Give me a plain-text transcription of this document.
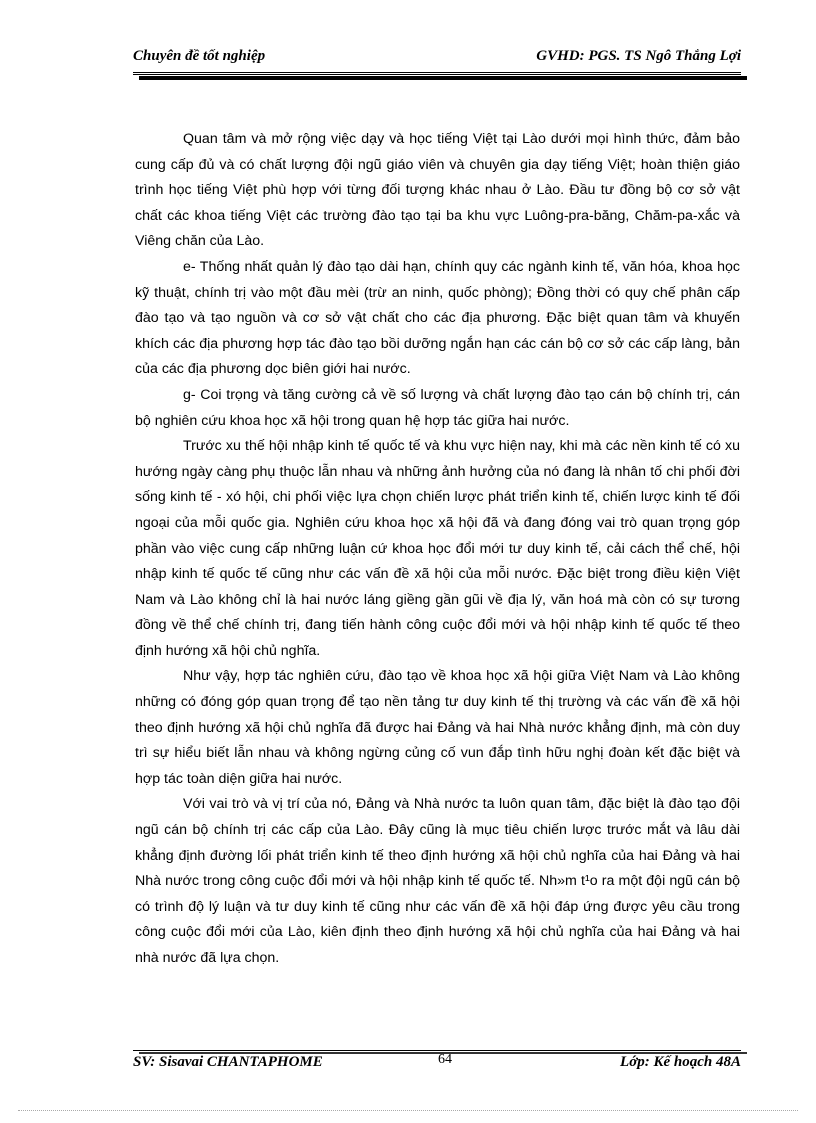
Chuyên đề tốt nghiệp	GVHD: PGS. TS Ngô Thắng Lợi

Quan tâm và mở rộng việc dạy và học tiếng Việt tại Lào dưới mọi hình thức, đảm bảo cung cấp đủ và có chất lượng đội ngũ giáo viên và chuyên gia dạy tiếng Việt; hoàn thiện giáo trình học tiếng Việt phù hợp với từng đối tượng khác nhau ở Lào. Đầu tư đồng bộ cơ sở vật chất các khoa tiếng Việt các trường đào tạo tại ba khu vực Luông-pra-băng, Chăm-pa-xắc và Viêng chăn của Lào.

e- Thống nhất quản lý đào tạo dài hạn, chính quy các ngành kinh tế, văn hóa, khoa học kỹ thuật, chính trị vào một đầu mèi (trừ an ninh, quốc phòng); Đồng thời có quy chế phân cấp đào tạo và tạo nguồn và cơ sở vật chất cho các địa phương. Đặc biệt quan tâm và khuyến khích các địa phương hợp tác đào tạo bồi dưỡng ngắn hạn các cán bộ cơ sở các cấp làng, bản của các địa phương dọc biên giới hai nước.

g- Coi trọng và tăng cường cả về số lượng và chất lượng đào tạo cán bộ chính trị, cán bộ nghiên cứu khoa học xã hội trong quan hệ hợp tác giữa hai nước.

Trước xu thế hội nhập kinh tế quốc tế và khu vực hiện nay, khi mà các nền kinh tế có xu hướng ngày càng phụ thuộc lẫn nhau và những ảnh hưởng của nó đang là nhân tố chi phối đời sống kinh tế - xó hội, chi phối việc lựa chọn chiến lược phát triển kinh tế, chiến lược kinh tế đối ngoại của mỗi quốc gia. Nghiên cứu khoa học xã hội đã và đang đóng vai trò quan trọng góp phần vào việc cung cấp những luận cứ khoa học đổi mới tư duy kinh tế, cải cách thể chế, hội nhập kinh tế quốc tế cũng như các vấn đề xã hội của mỗi nước. Đặc biệt trong điều kiện Việt Nam và Lào không chỉ là hai nước láng giềng gần gũi về địa lý, văn hoá mà còn có sự tương đồng về thể chế chính trị, đang tiến hành công cuộc đổi mới và hội nhập kinh tế quốc tế theo định hướng xã hội chủ nghĩa.

Như vậy, hợp tác nghiên cứu, đào tạo về khoa học xã hội giữa Việt Nam và Lào không những có đóng góp quan trọng để tạo nền tảng tư duy kinh tế thị trường và các vấn đề xã hội theo định hướng xã hội chủ nghĩa đã được hai Đảng và hai Nhà nước khẳng định, mà còn duy trì sự hiểu biết lẫn nhau và không ngừng củng cố vun đắp tình hữu nghị đoàn kết đặc biệt và hợp tác toàn diện giữa hai nước.

Với vai trò và vị trí của nó, Đảng và Nhà nước ta luôn quan tâm, đặc biệt là đào tạo đội ngũ cán bộ chính trị các cấp của Lào. Đây cũng là mục tiêu chiến lược trước mắt và lâu dài khẳng định đường lối phát triển kinh tế theo định hướng xã hội chủ nghĩa của hai Đảng và hai Nhà nước trong công cuộc đổi mới và hội nhập kinh tế quốc tế. Nh»m t¹o ra một đội ngũ cán bộ có trình độ lý luận và tư duy kinh tế cũng như các vấn đề xã hội đáp ứng được yêu cầu trong công cuộc đổi mới của Lào, kiên định theo định hướng xã hội chủ nghĩa của hai Đảng và hai nhà nước đã lựa chọn.

SV: Sisavai CHANTAPHOME	64	Lớp: Kế hoạch 48A
